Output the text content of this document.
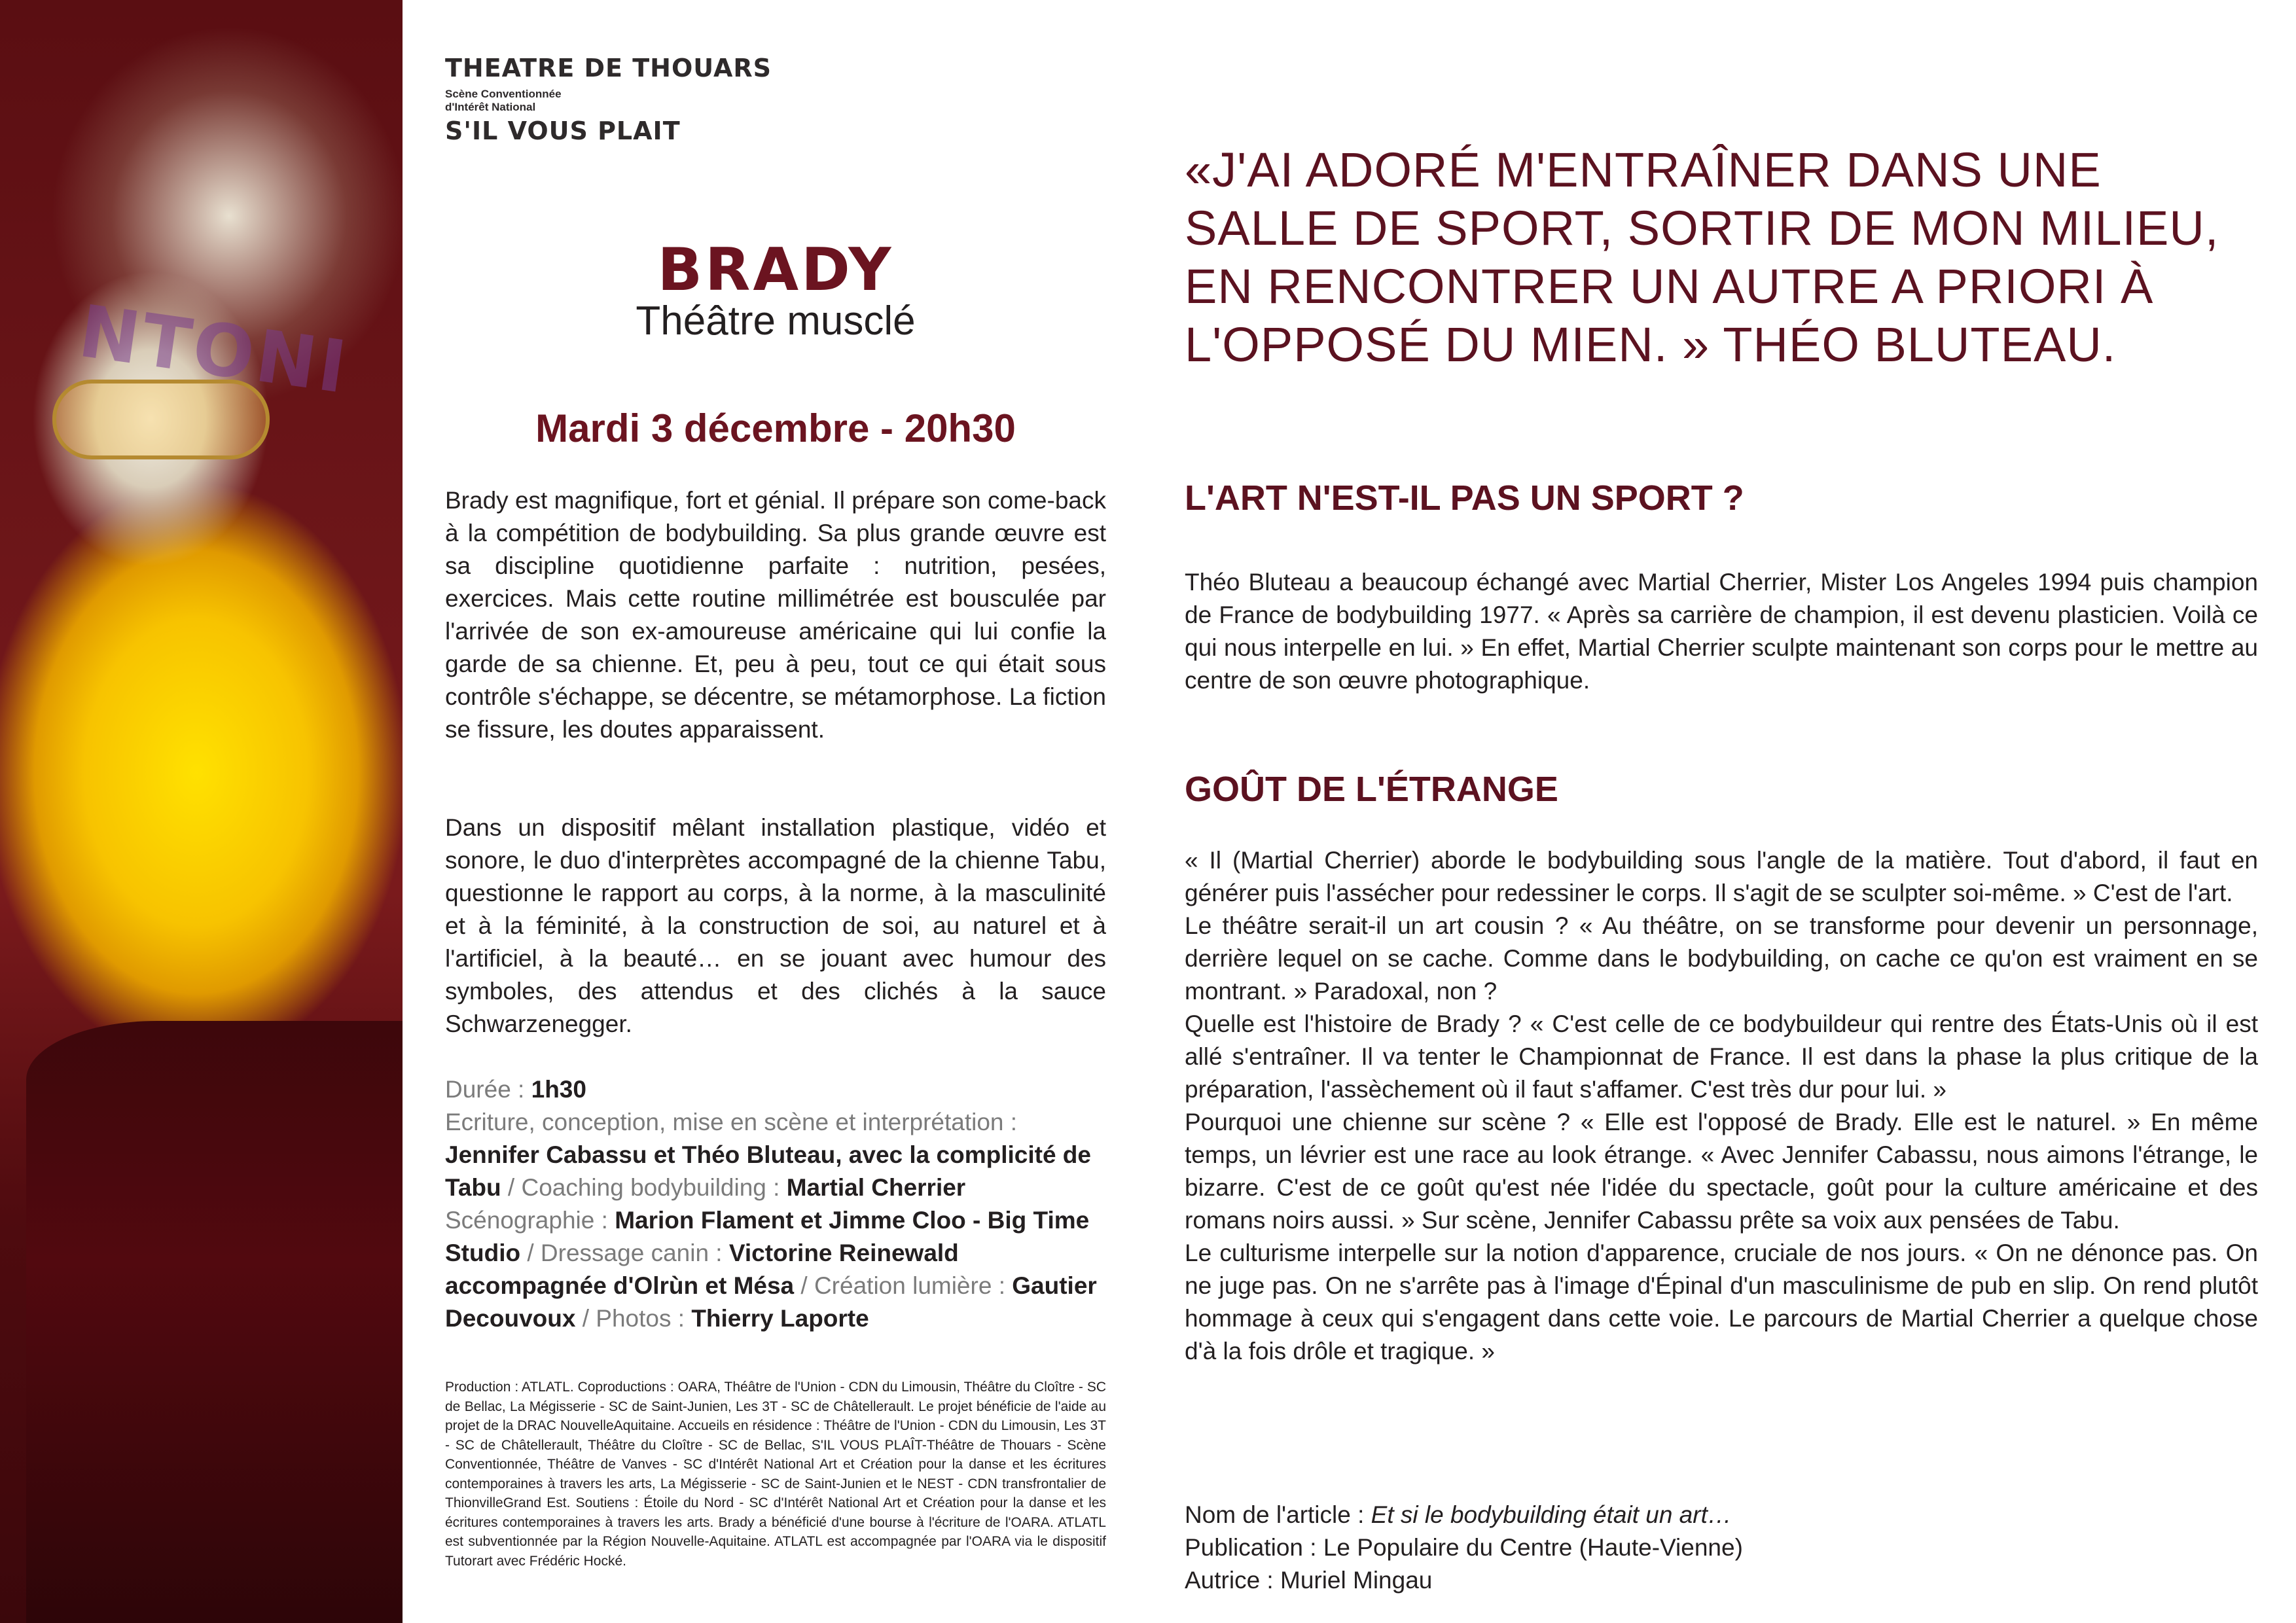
NTONI
THEATRE DE THOUARS
Scène Conventionnée
d'Intérêt National
S'IL VOUS PLAIT
BRADY
Théâtre musclé
Mardi 3 décembre - 20h30

Brady est magnifique, fort et génial. Il prépare son come-back à la compétition de bodybuilding. Sa plus grande œuvre est sa discipline quotidienne parfaite : nutrition, pesées, exercices. Mais cette routine millimétrée est bousculée par l'arrivée de son ex-amoureuse américaine qui lui confie la garde de sa chienne. Et, peu à peu, tout ce qui était sous contrôle s'échappe, se décentre, se métamorphose. La fiction se fissure, les doutes apparaissent.

Dans un dispositif mêlant installation plastique, vidéo et sonore, le duo d'interprètes accompagné de la chienne Tabu, questionne le rapport au corps, à la norme, à la masculinité et à la féminité, à la construction de soi, au naturel et à l'artificiel, à la beauté… en se jouant avec humour des symboles, des attendus et des clichés à la sauce Schwarzenegger.

Durée : 1h30
Ecriture, conception, mise en scène et interprétation : Jennifer Cabassu et Théo Bluteau, avec la complicité de Tabu / Coaching bodybuilding : Martial Cherrier Scénographie : Marion Flament et Jimme Cloo - Big Time Studio / Dressage canin : Victorine Reinewald accompagnée d'Olrùn et Mésa / Création lumière : Gautier Decouvoux / Photos : Thierry Laporte

Production : ATLATL. Coproductions : OARA, Théâtre de l'Union - CDN du Limousin, Théâtre du Cloître - SC de Bellac, La Mégisserie - SC de Saint-Junien, Les 3T - SC de Châtellerault. Le projet bénéficie de l'aide au projet de la DRAC NouvelleAquitaine. Accueils en résidence : Théâtre de l'Union - CDN du Limousin, Les 3T - SC de Châtellerault, Théâtre du Cloître - SC de Bellac, S'IL VOUS PLAÎT-Théâtre de Thouars - Scène Conventionnée, Théâtre de Vanves - SC d'Intérêt National Art et Création pour la danse et les écritures contemporaines à travers les arts, La Mégisserie - SC de Saint-Junien et le NEST - CDN transfrontalier de ThionvilleGrand Est. Soutiens : Étoile du Nord - SC d'Intérêt National Art et Création pour la danse et les écritures contemporaines à travers les arts. Brady a bénéficié d'une bourse à l'écriture de l'OARA. ATLATL est subventionnée par la Région Nouvelle-Aquitaine. ATLATL est accompagnée par l'OARA via le dispositif Tutorart avec Frédéric Hocké.

«J'AI ADORÉ M'ENTRAÎNER DANS UNE SALLE DE SPORT, SORTIR DE MON MILIEU, EN RENCONTRER UN AUTRE A PRIORI À L'OPPOSÉ DU MIEN. » THÉO BLUTEAU.

L'ART N'EST-IL PAS UN SPORT ?

Théo Bluteau a beaucoup échangé avec Martial Cherrier, Mister Los Angeles 1994 puis champion de France de bodybuilding 1977. « Après sa carrière de champion, il est devenu plasticien. Voilà ce qui nous interpelle en lui. » En effet, Martial Cherrier sculpte maintenant son corps pour le mettre au centre de son œuvre photographique.

GOÛT DE L'ÉTRANGE

« Il (Martial Cherrier) aborde le bodybuilding sous l'angle de la matière. Tout d'abord, il faut en générer puis l'assécher pour redessiner le corps. Il s'agit de se sculpter soi-même. » C'est de l'art.

Le théâtre serait-il un art cousin ? « Au théâtre, on se transforme pour devenir un personnage, derrière lequel on se cache. Comme dans le bodybuilding, on cache ce qu'on est vraiment en se montrant. » Paradoxal, non ?

Quelle est l'histoire de Brady ? « C'est celle de ce bodybuildeur qui rentre des États-Unis où il est allé s'entraîner. Il va tenter le Championnat de France. Il est dans la phase la plus critique de la préparation, l'assèchement où il faut s'affamer. C'est très dur pour lui. »

Pourquoi une chienne sur scène ? « Elle est l'opposé de Brady. Elle est le naturel. » En même temps, un lévrier est une race au look étrange. « Avec Jennifer Cabassu, nous aimons l'étrange, le bizarre. C'est de ce goût qu'est née l'idée du spectacle, goût pour la culture américaine et des romans noirs aussi. » Sur scène, Jennifer Cabassu prête sa voix aux pensées de Tabu.

Le culturisme interpelle sur la notion d'apparence, cruciale de nos jours. « On ne dénonce pas. On ne juge pas. On ne s'arrête pas à l'image d'Épinal d'un masculinisme de pub en slip. On rend plutôt hommage à ceux qui s'engagent dans cette voie. Le parcours de Martial Cherrier a quelque chose d'à la fois drôle et tragique. »

Nom de l'article : Et si le bodybuilding était un art…
Publication : Le Populaire du Centre (Haute-Vienne)
Autrice : Muriel Mingau
